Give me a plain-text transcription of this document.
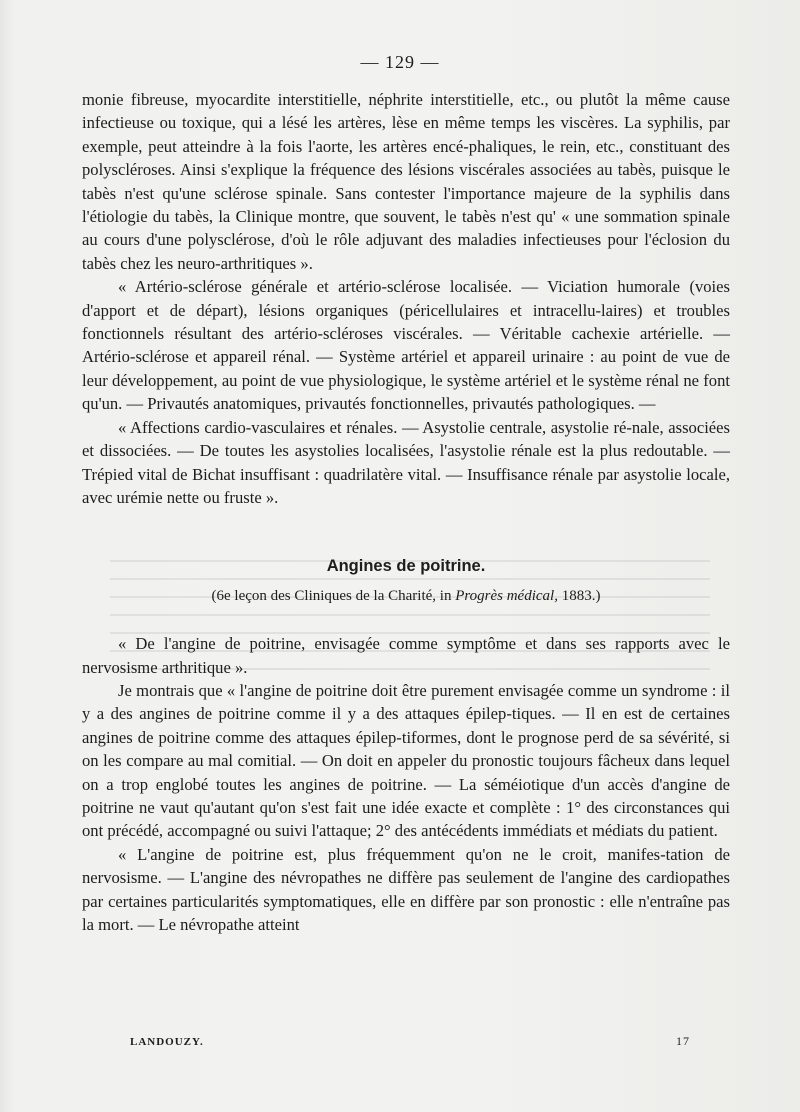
— 129 —

monie fibreuse, myocardite interstitielle, néphrite interstitielle, etc., ou plutôt la même cause infectieuse ou toxique, qui a lésé les artères, lèse en même temps les viscères. La syphilis, par exemple, peut atteindre à la fois l'aorte, les artères encé-phaliques, le rein, etc., constituant des polyscléroses. Ainsi s'explique la fréquence des lésions viscérales associées au tabès, puisque le tabès n'est qu'une sclérose spinale. Sans contester l'importance majeure de la syphilis dans l'étiologie du tabès, la Clinique montre, que souvent, le tabès n'est qu' « une sommation spinale au cours d'une polysclérose, d'où le rôle adjuvant des maladies infectieuses pour l'éclosion du tabès chez les neuro-arthritiques ».

« Artério-sclérose générale et artério-sclérose localisée. — Viciation humorale (voies d'apport et de départ), lésions organiques (péricellulaires et intracellu-laires) et troubles fonctionnels résultant des artério-scléroses viscérales. — Véritable cachexie artérielle. — Artério-sclérose et appareil rénal. — Système artériel et appareil urinaire : au point de vue de leur développement, au point de vue physiologique, le système artériel et le système rénal ne font qu'un. — Privautés anatomiques, privautés fonctionnelles, privautés pathologiques. —

« Affections cardio-vasculaires et rénales. — Asystolie centrale, asystolie ré-nale, associées et dissociées. — De toutes les asystolies localisées, l'asystolie rénale est la plus redoutable. — Trépied vital de Bichat insuffisant : quadrilatère vital. — Insuffisance rénale par asystolie locale, avec urémie nette ou fruste ».

Angines de poitrine.
(6e leçon des Cliniques de la Charité, in Progrès médical, 1883.)

« De l'angine de poitrine, envisagée comme symptôme et dans ses rapports avec le nervosisme arthritique ».

Je montrais que « l'angine de poitrine doit être purement envisagée comme un syndrome : il y a des angines de poitrine comme il y a des attaques épilep-tiques. — Il en est de certaines angines de poitrine comme des attaques épilep-tiformes, dont le prognose perd de sa sévérité, si on les compare au mal comitial. — On doit en appeler du pronostic toujours fâcheux dans lequel on a trop englobé toutes les angines de poitrine. — La séméiotique d'un accès d'angine de poitrine ne vaut qu'autant qu'on s'est fait une idée exacte et complète : 1° des circonstances qui ont précédé, accompagné ou suivi l'attaque; 2° des antécédents immédiats et médiats du patient.

« L'angine de poitrine est, plus fréquemment qu'on ne le croit, manifes-tation de nervosisme. — L'angine des névropathes ne diffère pas seulement de l'angine des cardiopathes par certaines particularités symptomatiques, elle en diffère par son pronostic : elle n'entraîne pas la mort. — Le névropathe atteint

LANDOUZY.	17
